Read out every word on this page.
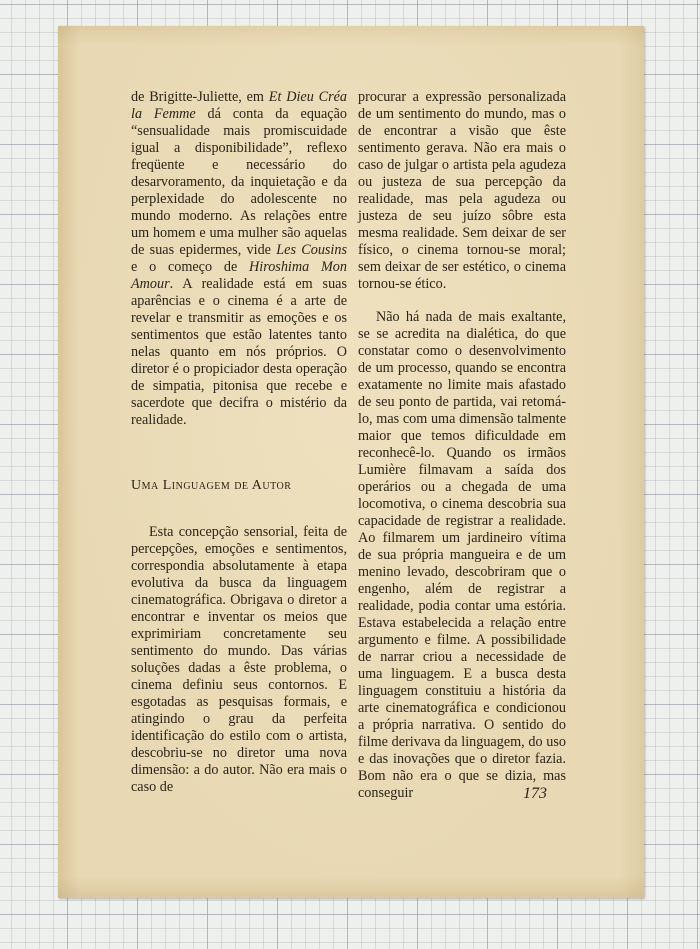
de Brigitte-Juliette, em Et Dieu Créa la Femme dá conta da equação “sensualidade mais promiscuidade igual a disponibilidade”, reflexo freqüente e necessário do desarvoramento, da inquietação e da perplexidade do adolescente no mundo moderno. As relações entre um homem e uma mulher são aquelas de suas epidermes, vide Les Cousins e o começo de Hiroshima Mon Amour. A realidade está em suas aparências e o cinema é a arte de revelar e transmitir as emoções e os sentimentos que estão latentes tanto nelas quanto em nós próprios. O diretor é o propiciador desta operação de simpatia, pitonisa que recebe e sacerdote que decifra o mistério da realidade.

Uma Linguagem de Autor

Esta concepção sensorial, feita de percepções, emoções e sentimentos, correspondia absolutamente à etapa evolutiva da busca da linguagem cinematográfica. Obrigava o diretor a encontrar e inventar os meios que exprimiriam concretamente seu sentimento do mundo. Das várias soluções dadas a êste problema, o cinema definiu seus contornos. E esgotadas as pesquisas formais, e atingindo o grau da perfeita identificação do estilo com o artista, descobriu-se no diretor uma nova dimensão: a do autor. Não era mais o caso de

procurar a expressão personalizada de um sentimento do mundo, mas o de encontrar a visão que êste sentimento gerava. Não era mais o caso de julgar o artista pela agudeza ou justeza de sua percepção da realidade, mas pela agudeza ou justeza de seu juízo sôbre esta mesma realidade. Sem deixar de ser físico, o cinema tornou-se moral; sem deixar de ser estético, o cinema tornou-se ético.

Não há nada de mais exaltante, se se acredita na dialética, do que constatar como o desenvolvimento de um processo, quando se encontra exatamente no limite mais afastado de seu ponto de partida, vai retomá-lo, mas com uma dimensão talmente maior que temos dificuldade em reconhecê-lo. Quando os irmãos Lumière filmavam a saída dos operários ou a chegada de uma locomotiva, o cinema descobria sua capacidade de registrar a realidade. Ao filmarem um jardineiro vítima de sua própria mangueira e de um menino levado, descobriram que o engenho, além de registrar a realidade, podia contar uma estória. Estava estabelecida a relação entre argumento e filme. A possibilidade de narrar criou a necessidade de uma linguagem. E a busca desta linguagem constituiu a história da arte cinematográfica e condicionou a própria narrativa. O sentido do filme derivava da linguagem, do uso e das inovações que o diretor fazia. Bom não era o que se dizia, mas conseguir	173
